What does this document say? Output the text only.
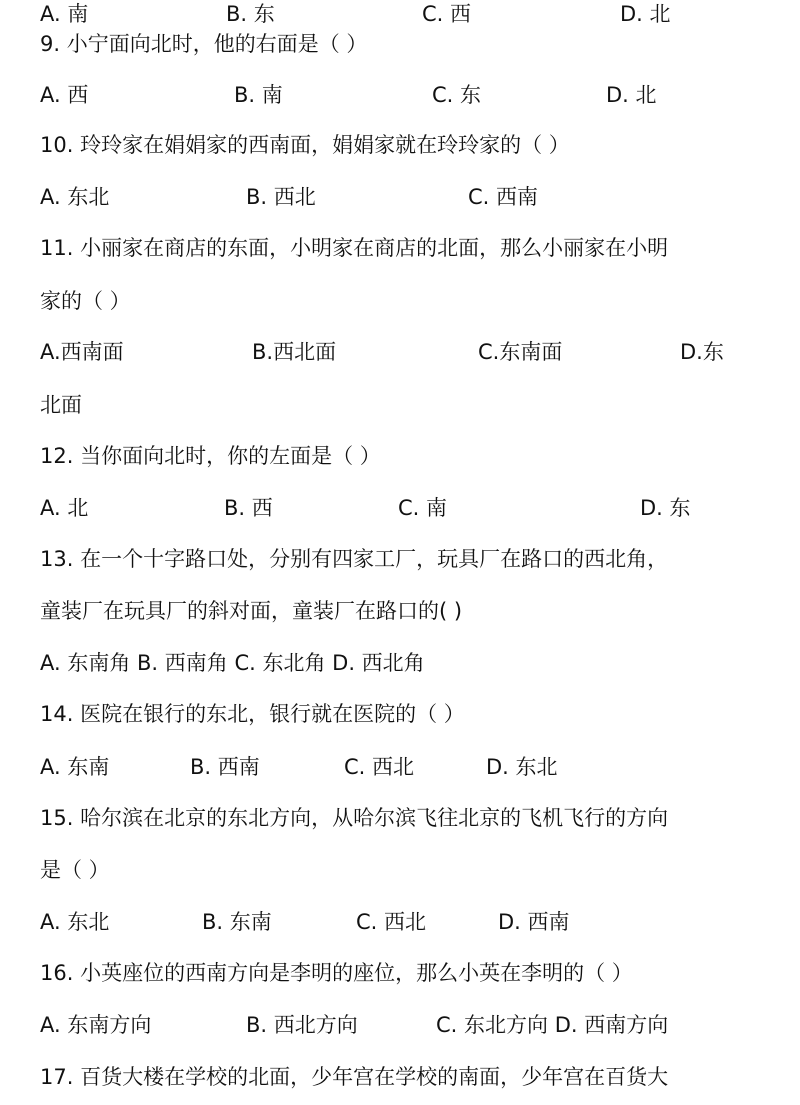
A. 南	B. 东	C. 西	D. 北
9. 小宁面向北时，他的右面是（ ）
A. 西	B. 南	C. 东	D. 北
10. 玲玲家在娟娟家的西南面，娟娟家就在玲玲家的（ ）
A. 东北	B. 西北	C. 西南
11. 小丽家在商店的东面，小明家在商店的北面，那么小丽家在小明
家的（ ）
A.西南面	B.西北面	C.东南面	D.东
北面
12. 当你面向北时，你的左面是（ ）
A. 北	B. 西	C. 南	D. 东
13. 在一个十字路口处，分别有四家工厂，玩具厂在路口的西北角，
童装厂在玩具厂的斜对面，童装厂在路口的( )
A. 东南角 B. 西南角 C. 东北角 D. 西北角
14. 医院在银行的东北，银行就在医院的（ ）
A. 东南	B. 西南	C. 西北	D. 东北
15. 哈尔滨在北京的东北方向，从哈尔滨飞往北京的飞机飞行的方向
是（ ）
A. 东北	B. 东南	C. 西北	D. 西南
16. 小英座位的西南方向是李明的座位，那么小英在李明的（ ）
A. 东南方向	B. 西北方向	C. 东北方向 D. 西南方向
17. 百货大楼在学校的北面，少年宫在学校的南面，少年宫在百货大
